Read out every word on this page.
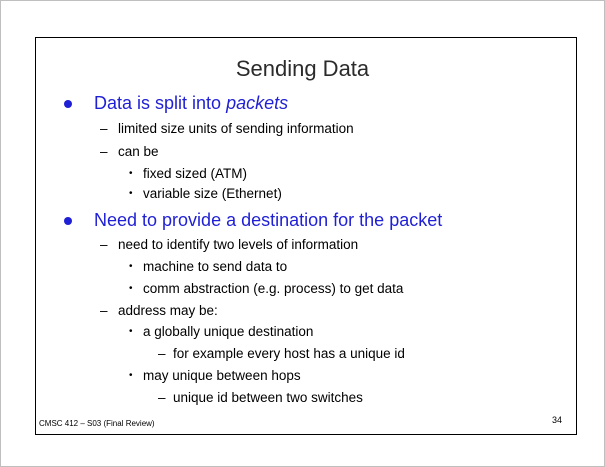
Sending Data
Data is split into packets
– limited size units of sending information
– can be
• fixed sized (ATM)
• variable size (Ethernet)
Need to provide a destination for the packet
– need to identify two levels of information
• machine to send data to
• comm abstraction (e.g. process) to get data
– address may be:
• a globally unique destination
– for example every host has a unique id
• may unique between hops
– unique id between two switches
CMSC 412 – S03 (Final Review)	34
